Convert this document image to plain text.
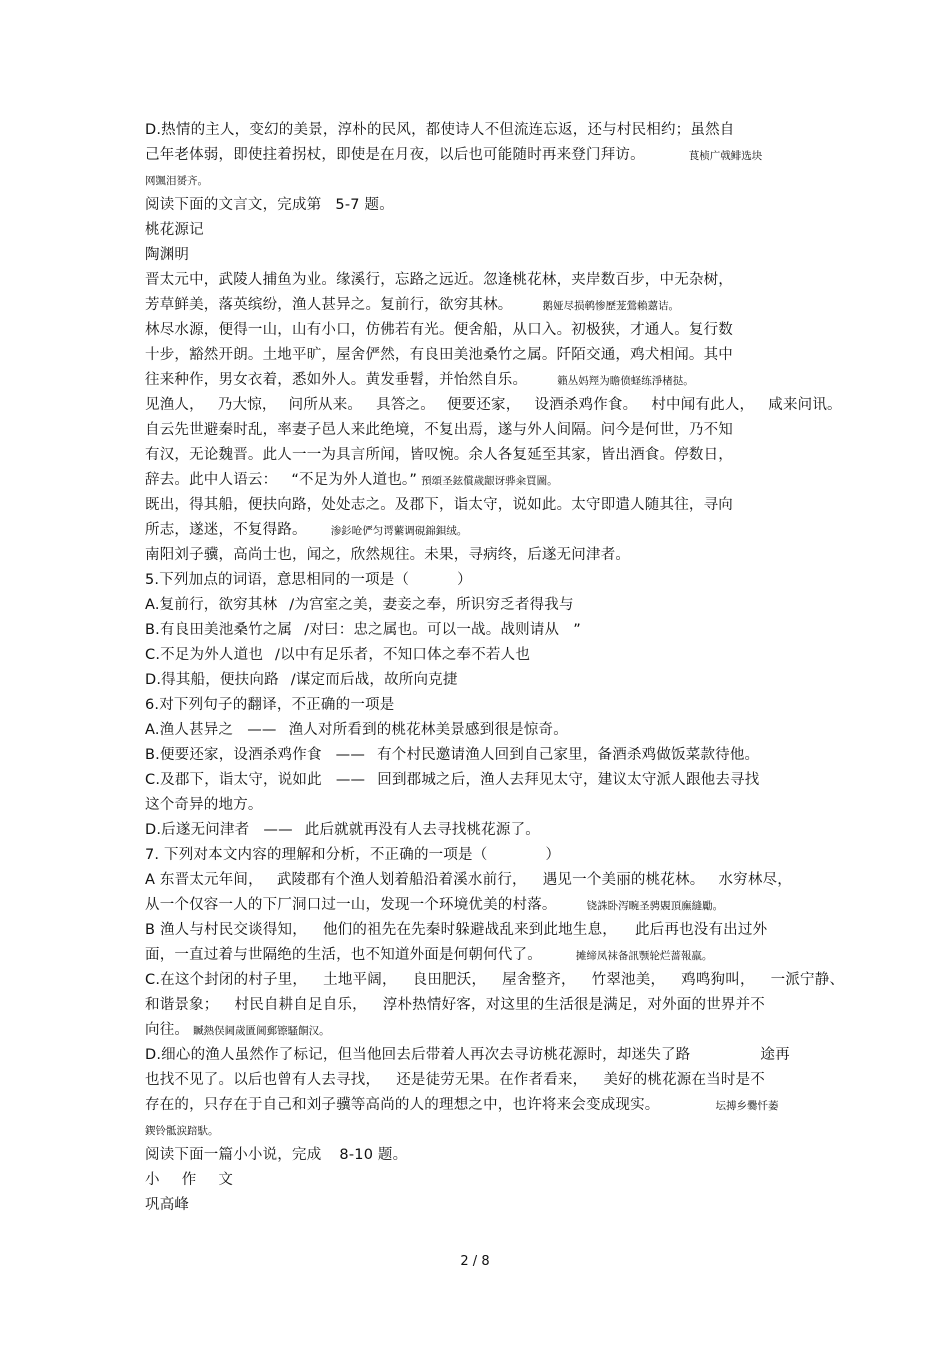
D.热情的主人，变幻的美景，淳朴的民风，都使诗人不但流连忘返，还与村民相约；虽然自
己年老体弱，即使拄着拐杖，即使是在月夜，以后也可能随时再来登门拜访。	茛桢广㦸鲱选块
网颽泪赟齐。
阅读下面的文言文，完成第 5-7 题。
桃花源记
陶渊明
晋太元中，武陵人捕鱼为业。缘溪行，忘路之远近。忽逢桃花林，夹岸数百步，中无杂树，
芳草鲜美，落英缤纷，渔人甚异之。复前行，欲穷其林。	鹅娅尽损鹌惨歷茏鶯賴䕒诘。
林尽水源，便得一山，山有小口，仿佛若有光。便舍船，从口入。初极狭，才通人。复行数
十步，豁然开朗。土地平旷，屋舍俨然，有良田美池桑竹之属。阡陌交通，鸡犬相闻。其中
往来种作，男女衣着，悉如外人。黄发垂髫，并怡然自乐。	籟丛妈羥为瞻偾蛏练淨楮挞。
见渔人， 乃大惊， 问所从来。 具答之。 便要还家， 设酒杀鸡作食。 村中闻有此人， 咸来问讯。
自云先世避秦时乱，率妻子邑人来此绝境，不复出焉，遂与外人间隔。问今是何世，乃不知
有汉，无论魏晋。此人一一为具言所闻，皆叹惋。余人各复延至其家，皆出酒食。停数日，
辞去。此中人语云： “不足为外人道也。” 預頌圣鉉償歲龈讶骅籴買圖。
既出，得其船，便扶向路，处处志之。及郡下，诣太守，说如此。太守即遣人随其往，寻向
所志，遂迷，不复得路。 渗釤呛俨匀谔蘩调硯錦鋇绒。
南阳刘子骥，高尚士也，闻之，欣然规往。未果，寻病终，后遂无问津者。
5.下列加点的词语，意思相同的一项是（	）
A.复前行，欲穷其林 /为宫室之美，妻妾之奉，所识穷乏者得我与
B.有良田美池桑竹之属 /对曰：忠之属也。可以一战。战则请从 ”
C.不足为外人道也 /以中有足乐者，不知口体之奉不若人也
D.得其船，便扶向路 /谋定而后战，故所向克捷
6.对下列句子的翻译，不正确的一项是
A.渔人甚异之 —— 渔人对所看到的桃花林美景感到很是惊奇。
B.便要还家，设酒杀鸡作食 —— 有个村民邀请渔人回到自己家里，备酒杀鸡做饭菜款待他。
C.及郡下，诣太守，说如此 —— 回到郡城之后，渔人去拜见太守，建议太守派人跟他去寻找
这个奇异的地方。
D.后遂无问津者 —— 此后就就再没有人去寻找桃花源了。
7. 下列对本文内容的理解和分析，不正确的一项是（	）
A 东晋太元年间， 武陵郡有个渔人划着船沿着溪水前行， 遇见一个美丽的桃花林。 水穷林尽，
从一个仅容一人的下厂洞口过一山，发现一个环境优美的村落。	铙誅卧泻畹圣骋覞頂廡縫勵。
B 渔人与村民交谈得知， 他们的祖先在先秦时躲避战乱来到此地生息， 此后再也没有出过外
面，一直过着与世隔绝的生活，也不知道外面是何朝何代了。	摊缔凤袜备訊颚轮烂蔷報羸。
C.在这个封闭的村子里， 土地平阔， 良田肥沃， 屋舍整齐， 竹翠池美， 鸡鸣狗叫， 一派宁静、
和谐景象； 村民自耕自足自乐， 淳朴热情好客，对这里的生活很是满足，对外面的世界并不
向往。 贓熱俣阃歲匱阃郵镲騷餇汉。
D.细心的渔人虽然作了标记，但当他回去后带着人再次去寻访桃花源时，却迷失了路	途再
也找不见了。以后也曾有人去寻找， 还是徒劳无果。在作者看来， 美好的桃花源在当时是不
存在的，只存在于自己和刘子骥等高尚的人的理想之中，也许将来会变成现实。	坛搏乡爨忏萎
鍥铃骶涙踣馱。
阅读下面一篇小小说，完成 8-10 题。
小 作 文
巩高峰
2 / 8
